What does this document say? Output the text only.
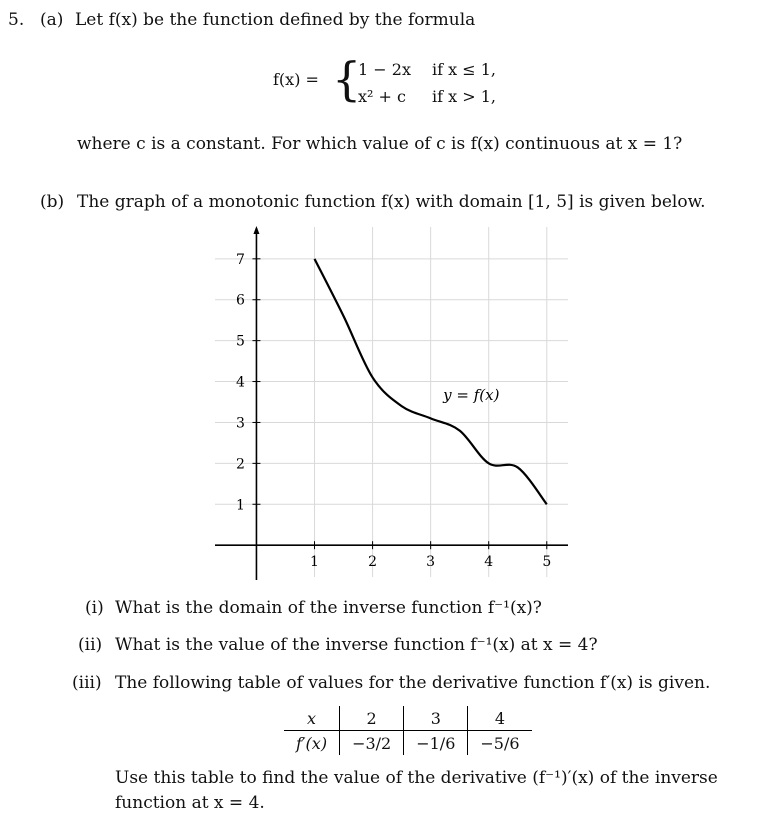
5. (a) Let f(x) be the function defined by the formula
f(x) = {
1 − 2x if x ≤ 1,
x² + c if x > 1,
where c is a constant. For which value of c is f(x) continuous at x = 1?
(b) The graph of a monotonic function f(x) with domain [1, 5] is given below.
1	2	3	4	5
1
2
3
4
5
6
7
y = f(x)
(i) What is the domain of the inverse function f⁻¹(x)?
(ii) What is the value of the inverse function f⁻¹(x) at x = 4?
(iii) The following table of values for the derivative function f′(x) is given.
x	2	3	4
f′(x)	−3/2	−1/6	−5/6
Use this table to find the value of the derivative (f⁻¹)′(x) of the inverse
function at x = 4.
